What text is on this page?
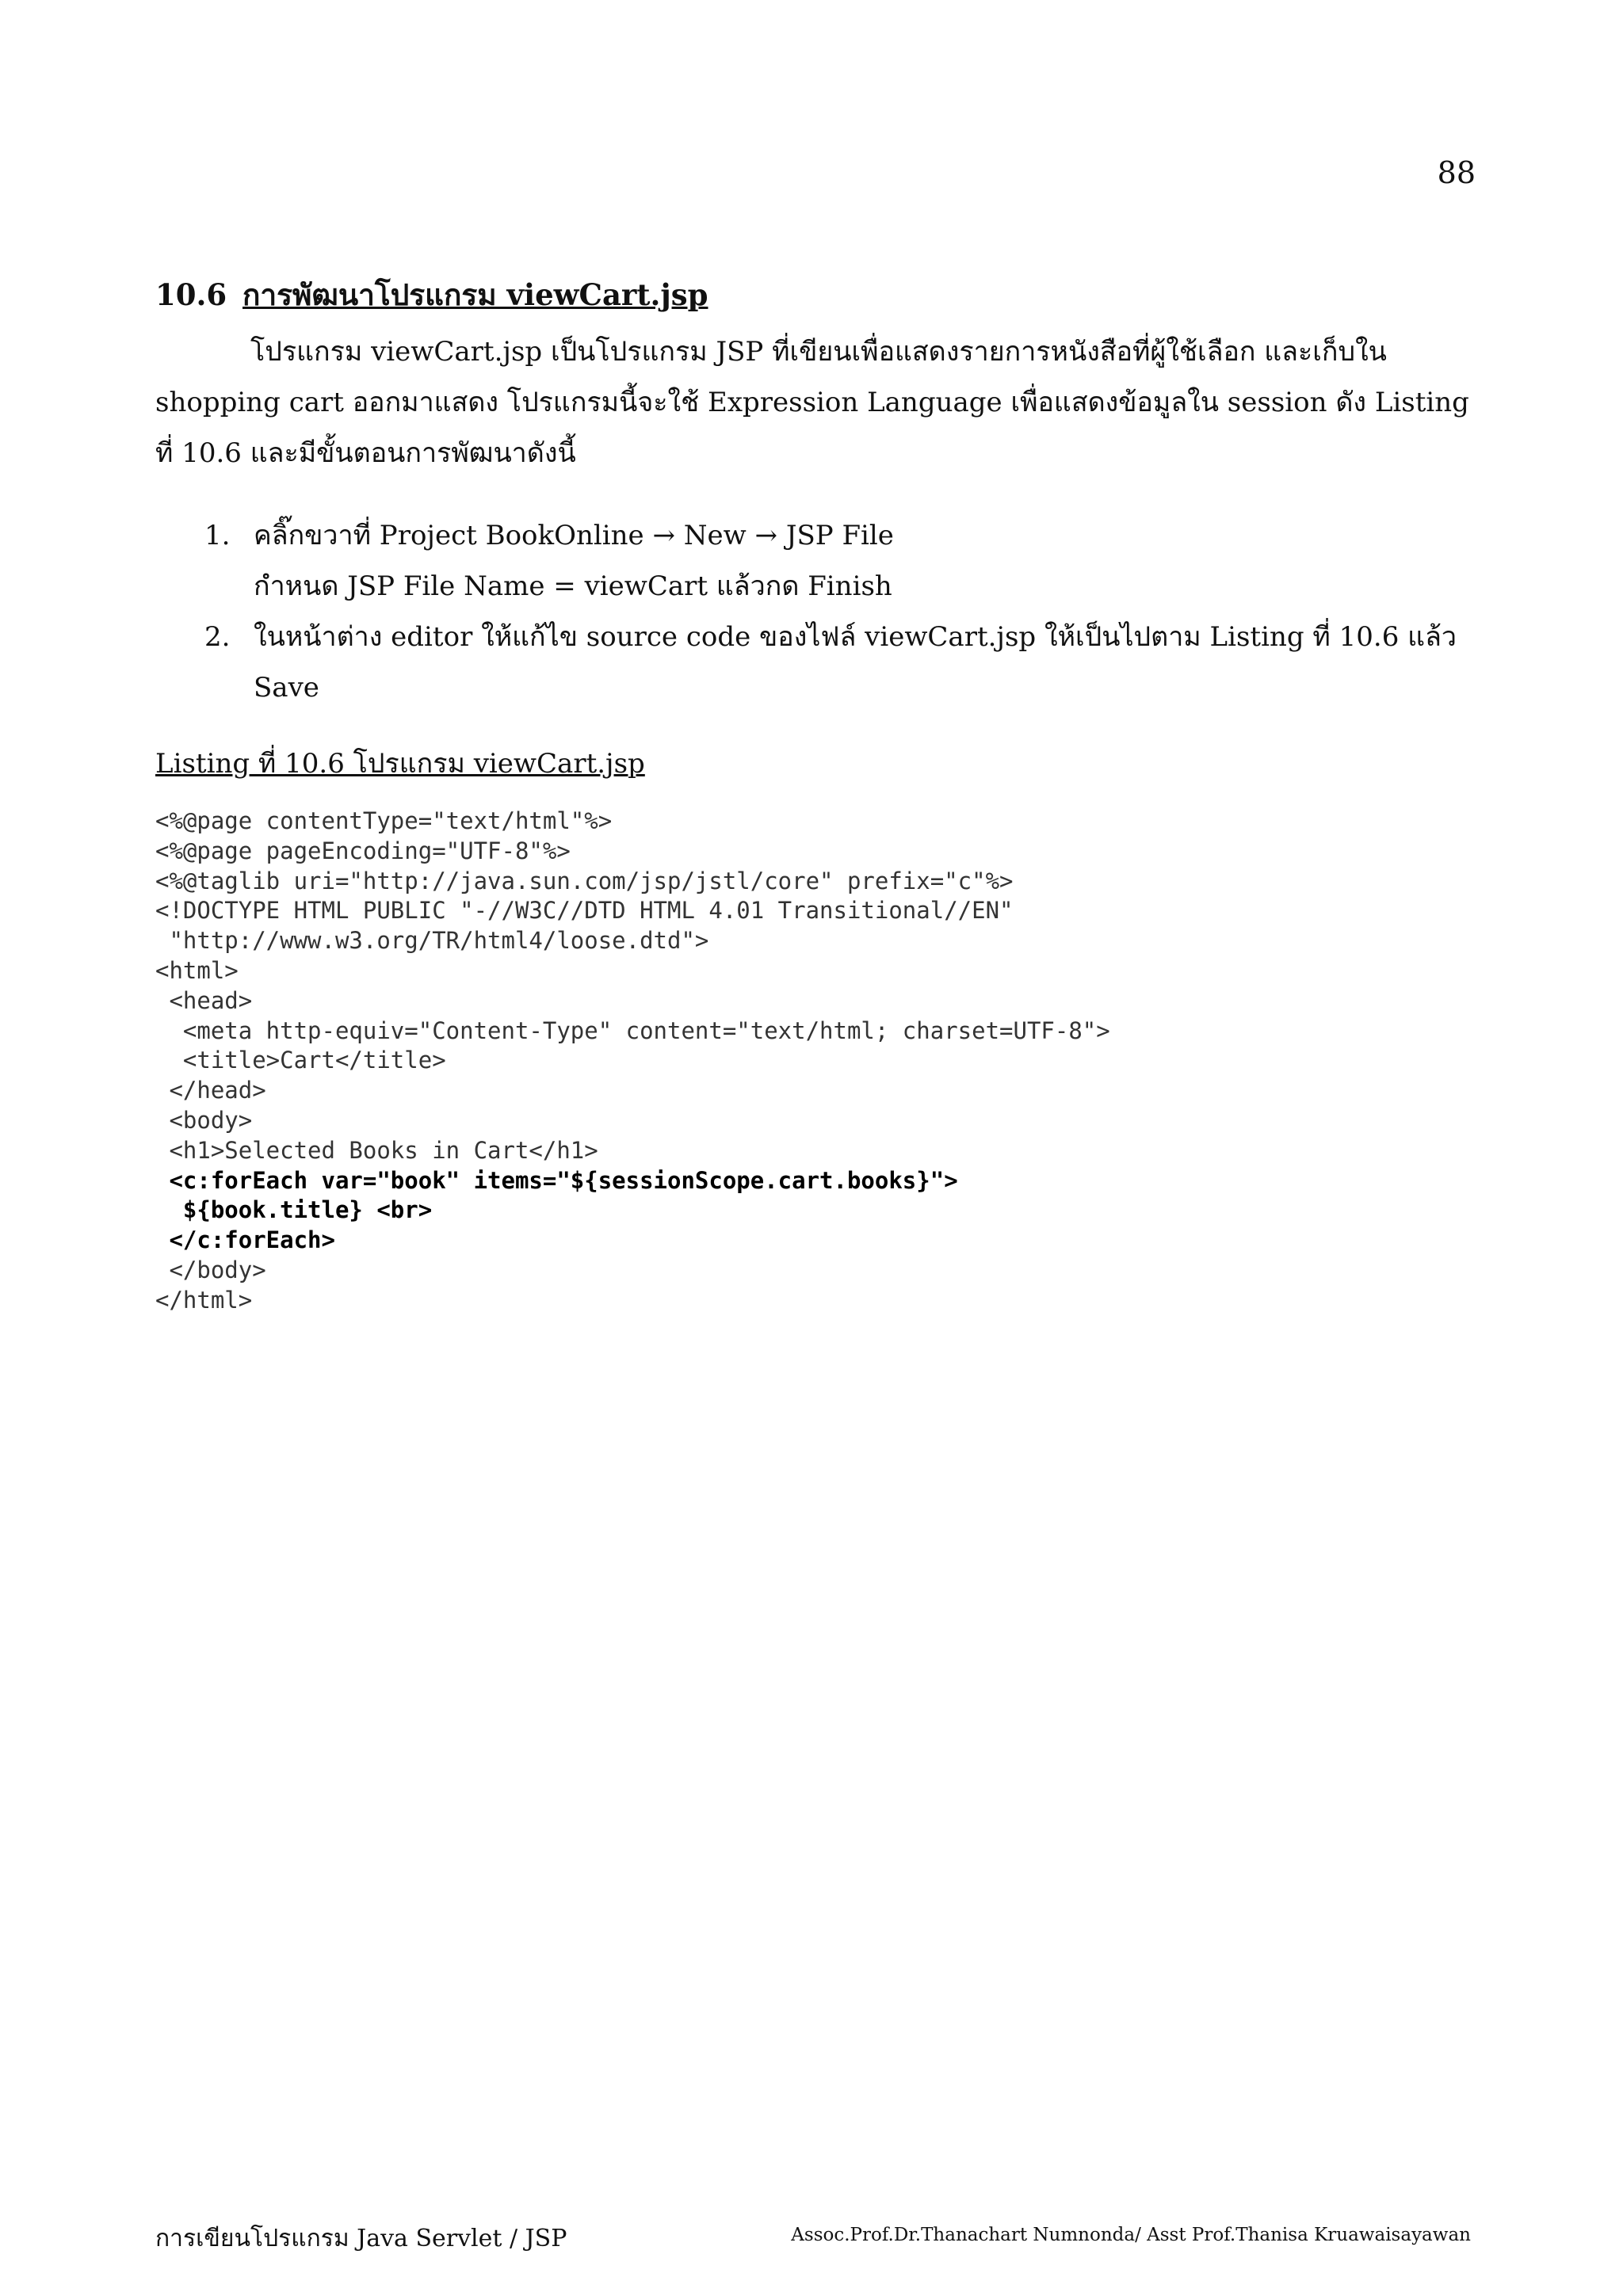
88
10.6 การพัฒนาโปรแกรม viewCart.jsp

โปรแกรม viewCart.jsp เป็นโปรแกรม JSP ที่เขียนเพื่อแสดงรายการหนังสือที่ผู้ใช้เลือก และเก็บใน shopping cart ออกมาแสดง โปรแกรมนี้จะใช้ Expression Language เพื่อแสดงข้อมูลใน session ดัง Listing ที่ 10.6 และมีขั้นตอนการพัฒนาดังนี้

1. คลิ๊กขวาที่ Project BookOnline → New → JSP File
กำหนด JSP File Name = viewCart แล้วกด Finish
2. ในหน้าต่าง editor ให้แก้ไข source code ของไฟล์ viewCart.jsp ให้เป็นไปตาม Listing ที่ 10.6 แล้ว Save

Listing ที่ 10.6 โปรแกรม viewCart.jsp

<%@page contentType="text/html"%>
<%@page pageEncoding="UTF-8"%>
<%@taglib uri="http://java.sun.com/jsp/jstl/core" prefix="c"%>
<!DOCTYPE HTML PUBLIC "-//W3C//DTD HTML 4.01 Transitional//EN"
"http://www.w3.org/TR/html4/loose.dtd">
<html>
<head>
<meta http-equiv="Content-Type" content="text/html; charset=UTF-8">
<title>Cart</title>
</head>
<body>
<h1>Selected Books in Cart</h1>
<c:forEach var="book" items="${sessionScope.cart.books}">
${book.title} <br>
</c:forEach>
</body>
</html>
การเขียนโปรแกรม Java Servlet / JSP	Assoc.Prof.Dr.Thanachart Numnonda/ Asst Prof.Thanisa Kruawaisayawan
